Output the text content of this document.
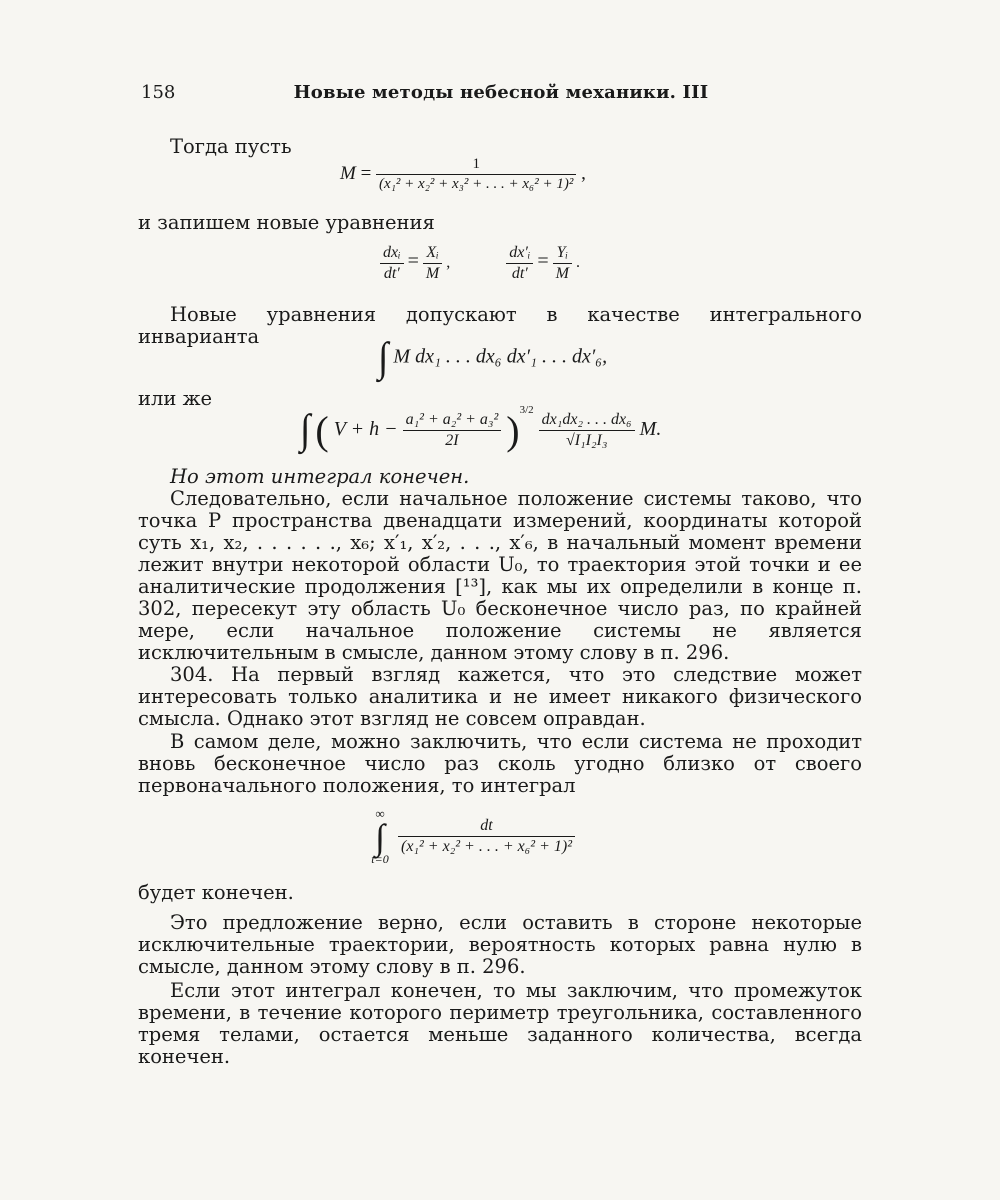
158	Новые методы небесной механики. III
Тогда пусть
$M = \frac{1}{\text{(x₁² + x₂² + x₃² + . . . + x₆² + 1)²}}$ ,
и запишем новые уравнения
$\frac{\text{dxᵢ}}{dt'} = \frac{\text{Xᵢ}}{M}$ ,	$\frac{\text{dx′ᵢ}}{dt'} = \frac{\text{Yᵢ}}{M}$ .
Новые уравнения допускают в качестве интегрального инварианта	∫ M dx₁ . . . dx₆ dx′₁ . . . dx′₆,
или же
∫ ( $V + h - \frac{\text{a₁² + a₂² + a₃²}}{2I} )^{3/2}$
$\frac{\text{dx₁dx₂ . . . dx₆}}{\text{√I₁I₂I₃}} M$.
Но этот интеграл конечен.
Следовательно, если начальное положение системы таково, что точка P пространства двенадцати измерений, координаты которой суть x₁, x₂, . . . . . ., x₆; x′₁, x′₂, . . ., x′₆, в начальный момент времени лежит внутри некоторой области U₀, то траектория этой точки и ее аналитические продолжения [¹³], как мы их определили в конце п. 302, пересекут эту область U₀ бесконечное число раз, по крайней мере, если начальное положение системы не является исключительным в смысле, данном этому слову в п. 296.
304. На первый взгляд кажется, что это следствие может интересовать только аналитика и не имеет никакого физического смысла. Однако этот взгляд не совсем оправдан.
В самом деле, можно заключить, что если система не проходит вновь бесконечное число раз сколь угодно близко от своего первоначального положения, то интеграл
∞
∫
t=0

$\frac{dt}{\text{(x₁² + x₂² + . . . + x₆² + 1)²}}$
будет конечен.
Это предложение верно, если оставить в стороне некоторые исключительные траектории, вероятность которых равна нулю в смысле, данном этому слову в п. 296.
Если этот интеграл конечен, то мы заключим, что промежуток времени, в течение которого периметр треугольника, составленного тремя телами, остается меньше заданного количества, всегда конечен.
